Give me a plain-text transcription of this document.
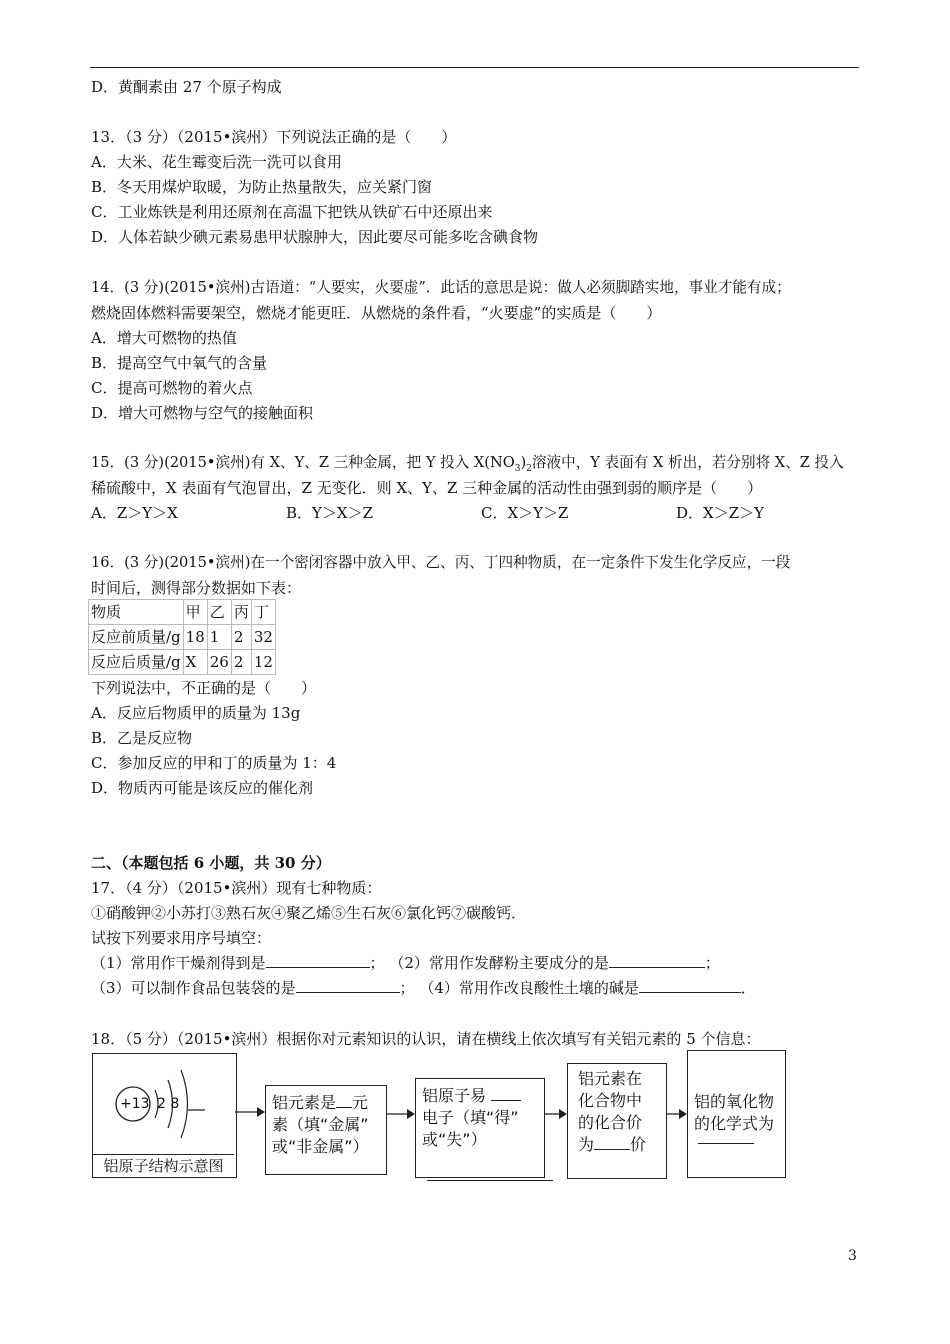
D．黄酮素由 27 个原子构成
13．（3 分）（2015•滨州）下列说法正确的是（　　）
A．大米、花生霉变后洗一洗可以食用
B．冬天用煤炉取暖，为防止热量散失，应关紧门窗
C．工业炼铁是利用还原剂在高温下把铁从铁矿石中还原出来
D．人体若缺少碘元素易患甲状腺肿大，因此要尽可能多吃含碘食物
14．(3 分)(2015•滨州)古语道：“人要实，火要虚”．此话的意思是说：做人必须脚踏实地，事业才能有成；
燃烧固体燃料需要架空，燃烧才能更旺．从燃烧的条件看，“火要虚”的实质是（　　）
A．增大可燃物的热值
B．提高空气中氧气的含量
C．提高可燃物的着火点
D．增大可燃物与空气的接触面积
15．(3 分)(2015•滨州)有 X、Y、Z 三种金属，把 Y 投入 $X(NO_3)_2$溶液中，Y 表面有 X 析出，若分别将 X、Z 投入
稀硫酸中，X 表面有气泡冒出，Z 无变化．则 X、Y、Z 三种金属的活动性由强到弱的顺序是（　　）
A．Z＞Y＞X	B．Y＞X＞Z	C．X＞Y＞Z	D．X＞Z＞Y
16．(3 分)(2015•滨州)在一个密闭容器中放入甲、乙、丙、丁四种物质，在一定条件下发生化学反应，一段
时间后，测得部分数据如下表：
物质	甲	乙	丙	丁
反应前质量/g	18	1	2	32
反应后质量/g	X	26	2	12
下列说法中，不正确的是（　　）
A．反应后物质甲的质量为 13g
B．乙是反应物
C．参加反应的甲和丁的质量为 1：4
D．物质丙可能是该反应的催化剂
二、（本题包括 6 小题，共 30 分）
17．（4 分）（2015•滨州）现有七种物质：
①硝酸钾②小苏打③熟石灰④聚乙烯⑤生石灰⑥氯化钙⑦碳酸钙．
试按下列要求用序号填空：
（1）常用作干燥剂得到是	； （2）常用作发酵粉主要成分的是	；
（3）可以制作食品包装袋的是	； （4）常用作改良酸性土壤的碱是	．
18．（5 分）（2015•滨州）根据你对元素知识的认识，请在横线上依次填写有关铝元素的 5 个信息：
+13 2 8
铝原子结构示意图
铝元素是 元
素（填“金属”
或“非金属”）
铝原子易
电子（填“得”
或“失”）
铝元素在
化合物中
的化合价
为 价
铝的氧化物
的化学式为
3
